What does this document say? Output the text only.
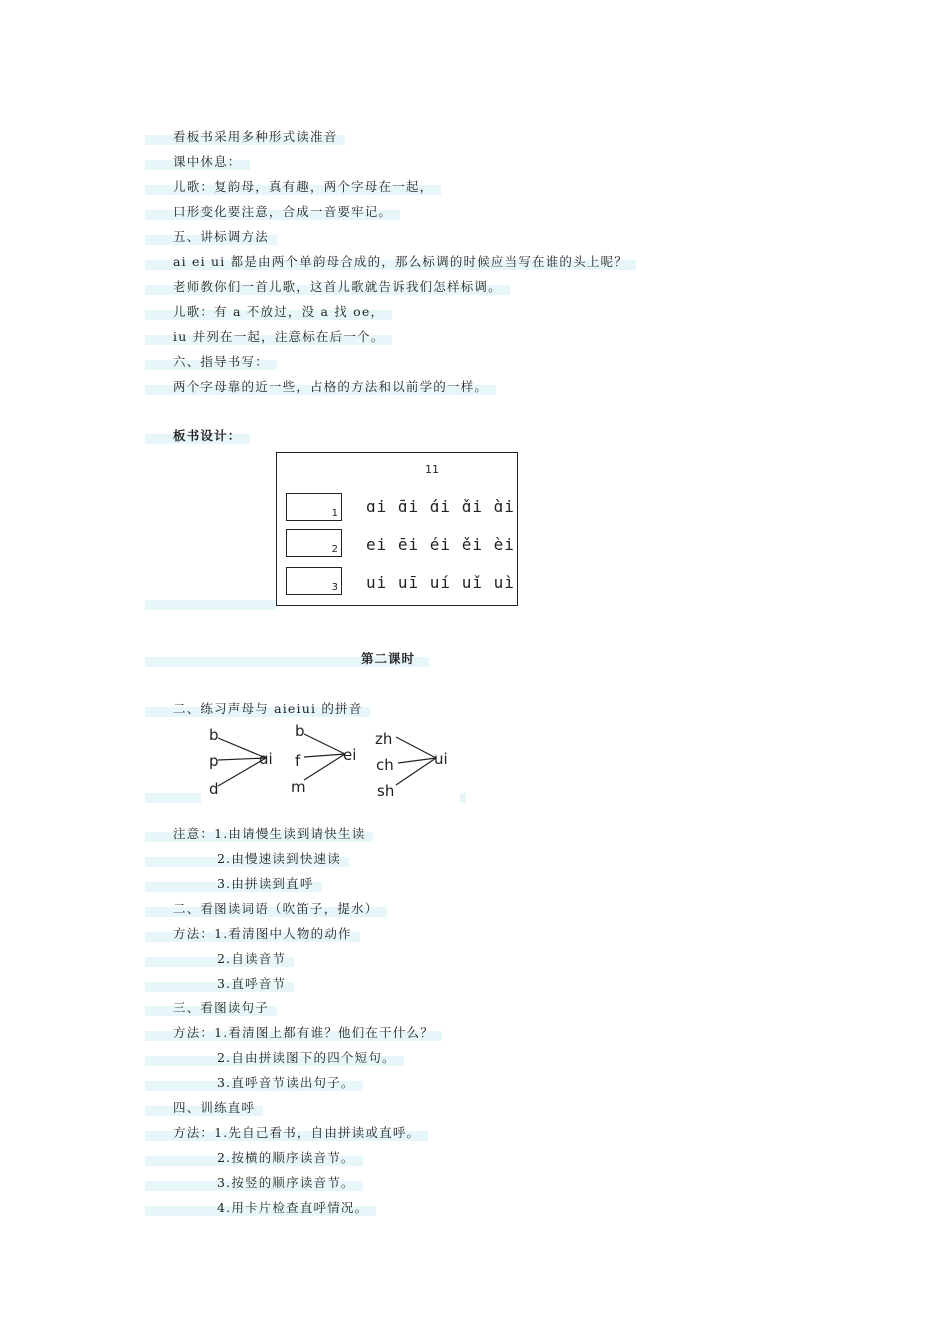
看板书采用多种形式读准音
课中休息：
儿歌：复韵母，真有趣，两个字母在一起，
口形变化要注意，合成一音要牢记。
五、讲标调方法
ai ei ui 都是由两个单韵母合成的，那么标调的时候应当写在谁的头上呢？
老师教你们一首儿歌，这首儿歌就告诉我们怎样标调。
儿歌：有 a 不放过，没 a 找 oe，
iu 并列在一起，注意标在后一个。
六、指导书写：
两个字母靠的近一些，占格的方法和以前学的一样。
板书设计：
11
1 ɑi ɑ̄i ɑ́i ɑ̌i ɑ̀i
2 ei ēi éi ěi èi
3 ui uī uí uǐ uì
第二课时
二、练习声母与 aieiui 的拼音
b
p
d
ɑi
b
f
m
ei
zh
ch
sh
ui
注意：1.由请慢生读到请快生读
2.由慢速读到快速读
3.由拼读到直呼
二、看图读词语（吹笛子，提水）
方法：1.看清图中人物的动作
2.自读音节
3.直呼音节
三、看图读句子
方法：1.看清图上都有谁？他们在干什么？
2.自由拼读图下的四个短句。
3.直呼音节读出句子。
四、训练直呼
方法：1.先自己看书，自由拼读或直呼。
2.按横的顺序读音节。
3.按竖的顺序读音节。
4.用卡片检查直呼情况。
